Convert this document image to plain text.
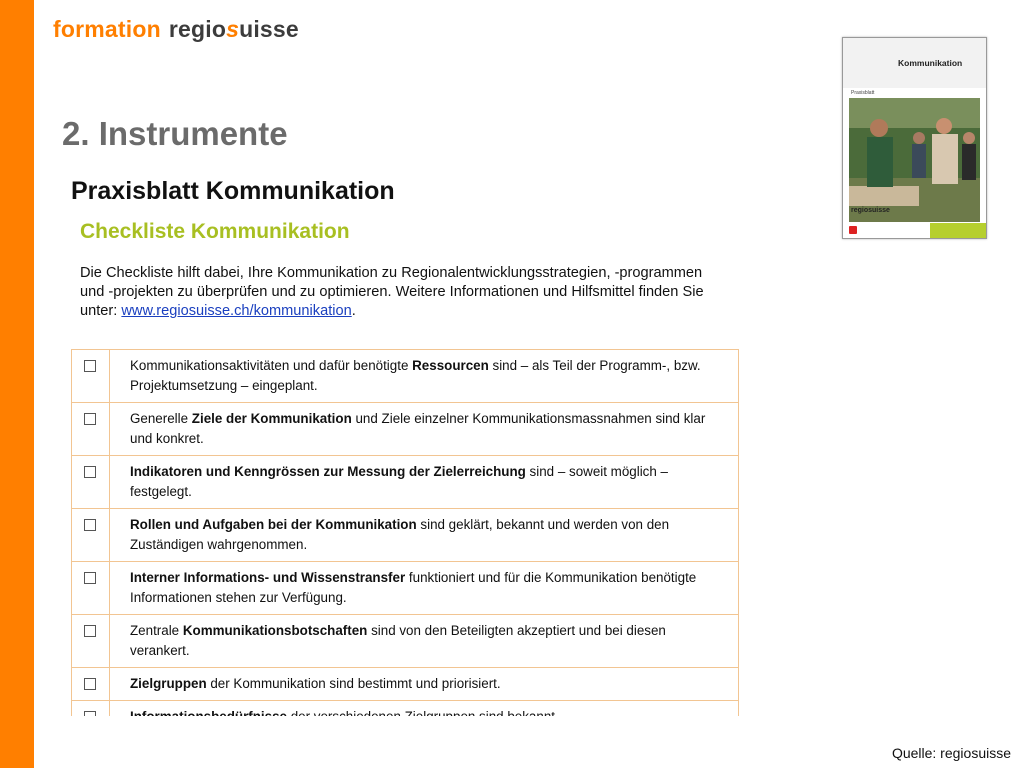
formation regiosuisse
2. Instrumente
Praxisblatt Kommunikation
Kommunikation
Praxisblatt
regiosuisse
Checkliste Kommunikation
Die Checkliste hilft dabei, Ihre Kommunikation zu Regionalentwicklungsstrategien, -programmen und -projekten zu überprüfen und zu optimieren. Weitere Informationen und Hilfsmittel finden Sie unter: www.regiosuisse.ch/kommunikation.
	Kommunikationsaktivitäten und dafür benötigte Ressourcen sind – als Teil der Programm-, bzw. Projektumsetzung – eingeplant.
	Generelle Ziele der Kommunikation und Ziele einzelner Kommunikationsmassnahmen sind klar und konkret.
	Indikatoren und Kenngrössen zur Messung der Zielerreichung sind – soweit möglich – festgelegt.
	Rollen und Aufgaben bei der Kommunikation sind geklärt, bekannt und werden von den Zuständigen wahrgenommen.
	Interner Informations- und Wissenstransfer funktioniert und für die Kommunikation benötigte Informationen stehen zur Verfügung.
	Zentrale Kommunikationsbotschaften sind von den Beteiligten akzeptiert und bei diesen verankert.
	Zielgruppen der Kommunikation sind bestimmt und priorisiert.

Quelle: regiosuisse
